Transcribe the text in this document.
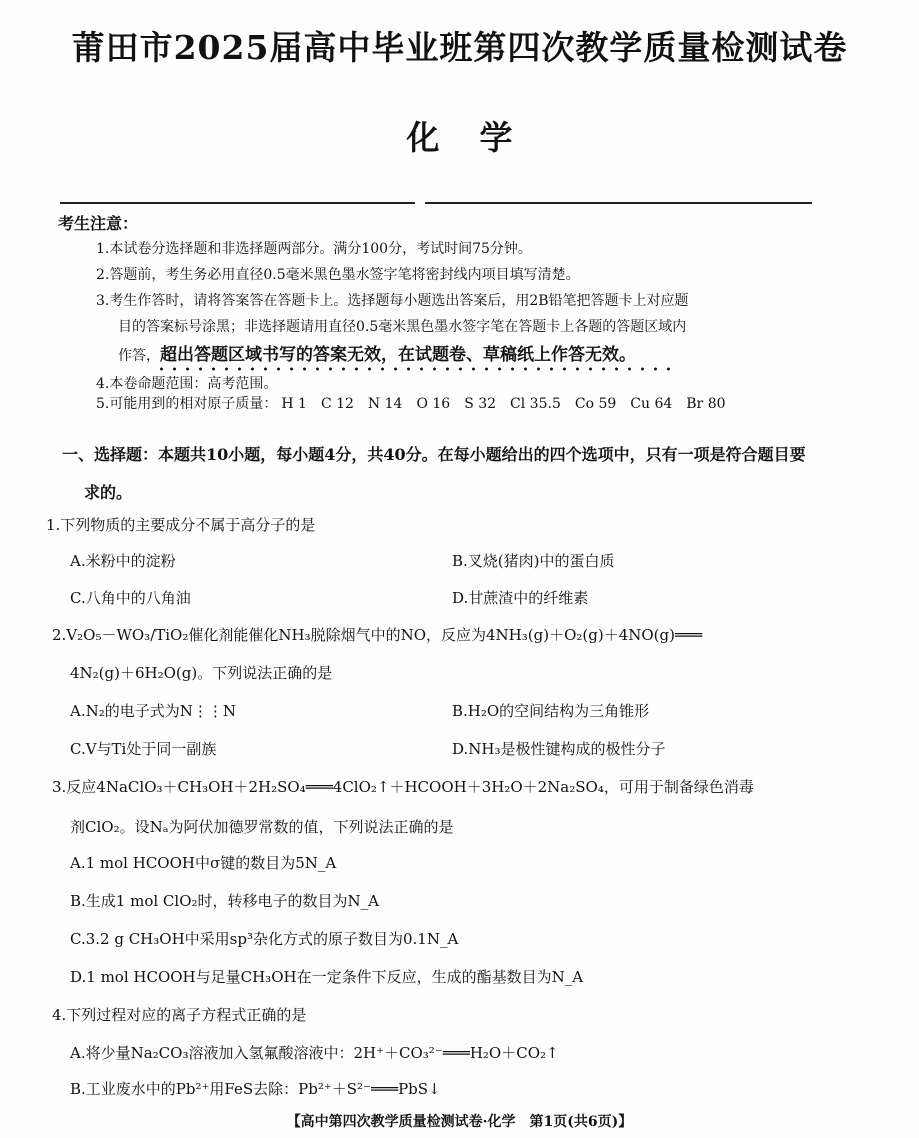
莆田市2025届高中毕业班第四次教学质量检测试卷
化学
考生注意：
1.本试卷分选择题和非选择题两部分。满分100分，考试时间75分钟。
2.答题前，考生务必用直径0.5毫米黑色墨水签字笔将密封线内项目填写清楚。
3.考生作答时，请将答案答在答题卡上。选择题每小题选出答案后，用2B铅笔把答题卡上对应题
目的答案标号涂黑；非选择题请用直径0.5毫米黑色墨水签字笔在答题卡上各题的答题区域内
作答，超出答题区域书写的答案无效，在试题卷、草稿纸上作答无效。
4.本卷命题范围：高考范围。
5.可能用到的相对原子质量： H 1 C 12 N 14 O 16 S 32 Cl 35.5 Co 59 Cu 64 Br 80
一、选择题：本题共10小题，每小题4分，共40分。在每小题给出的四个选项中，只有一项是符合题目要
求的。
1.下列物质的主要成分不属于高分子的是
A.米粉中的淀粉	B.叉烧(猪肉)中的蛋白质
C.八角中的八角油	D.甘蔗渣中的纤维素
2.V₂O₅－WO₃/TiO₂催化剂能催化NH₃脱除烟气中的NO，反应为4NH₃(g)＋O₂(g)＋4NO(g)═══
4N₂(g)＋6H₂O(g)。下列说法正确的是
A.N₂的电子式为N⋮⋮N	B.H₂O的空间结构为三角锥形
C.V与Ti处于同一副族	D.NH₃是极性键构成的极性分子
3.反应4NaClO₃＋CH₃OH＋2H₂SO₄═══4ClO₂↑＋HCOOH＋3H₂O＋2Na₂SO₄，可用于制备绿色消毒
剂ClO₂。设Nₐ为阿伏加德罗常数的值，下列说法正确的是
A.1 mol HCOOH中σ键的数目为5N_A
B.生成1 mol ClO₂时，转移电子的数目为N_A
C.3.2 g CH₃OH中采用sp³杂化方式的原子数目为0.1N_A
D.1 mol HCOOH与足量CH₃OH在一定条件下反应，生成的酯基数目为N_A
4.下列过程对应的离子方程式正确的是
A.将少量Na₂CO₃溶液加入氢氟酸溶液中：2H⁺＋CO₃²⁻═══H₂O＋CO₂↑
B.工业废水中的Pb²⁺用FeS去除：Pb²⁺＋S²⁻═══PbS↓
【高中第四次教学质量检测试卷·化学　第1页(共6页)】
